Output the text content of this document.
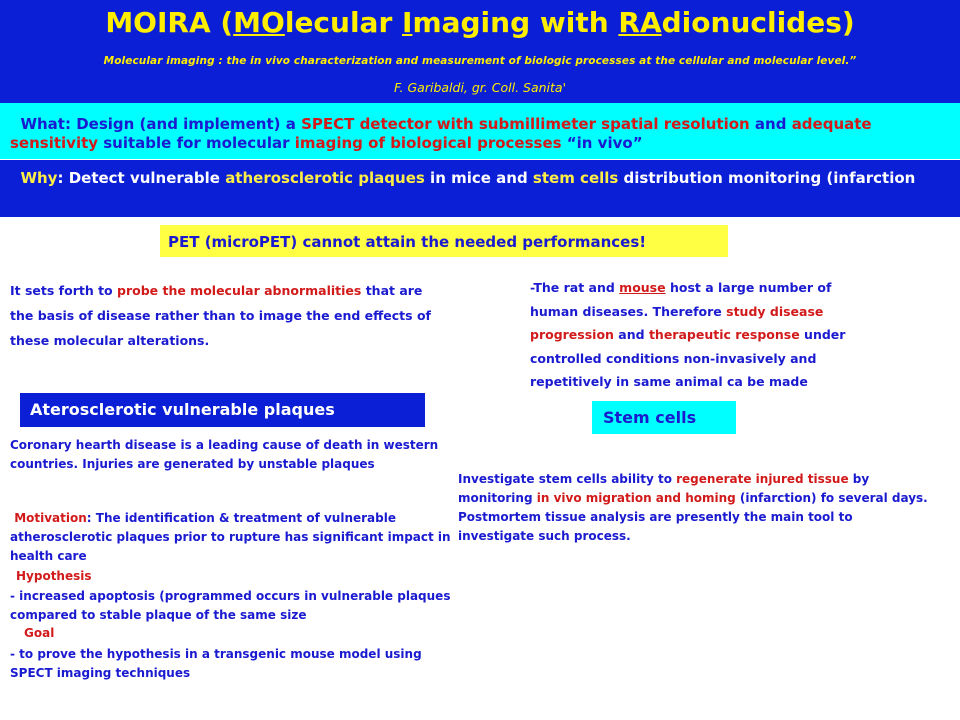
MOIRA (MOlecular Imaging with RAdionuclides)
Molecular imaging : the in vivo characterization and measurement of biologic processes at the cellular and molecular level.”
F. Garibaldi, gr. Coll. Sanita'
What: Design (and implement) a SPECT detector with submillimeter spatial resolution and adequate sensitivity suitable for molecular imaging of biological processes “in vivo”
Why: Detect vulnerable atherosclerotic plaques in mice and stem cells distribution monitoring (infarction
PET (microPET) cannot attain the needed performances!
It sets forth to probe the molecular abnormalities that are the basis of disease rather than to image the end effects of these molecular alterations.
-The rat and mouse host a large number of human diseases. Therefore study disease progression and therapeutic response under controlled conditions non-invasively and repetitively in same animal ca be made
Aterosclerotic vulnerable plaques	Stem cells
Coronary hearth disease is a leading cause of death in western countries. Injuries are generated by unstable plaques
Motivation: The identification & treatment of vulnerable atherosclerotic plaques prior to rupture has significant impact in health care
Hypothesis
- increased apoptosis (programmed occurs in vulnerable plaques compared to stable plaque of the same size
Goal
- to prove the hypothesis in a transgenic mouse model using SPECT imaging techniques
Investigate stem cells ability to regenerate injured tissue by monitoring in vivo migration and homing (infarction) fo several days. Postmortem tissue analysis are presently the main tool to investigate such process.
